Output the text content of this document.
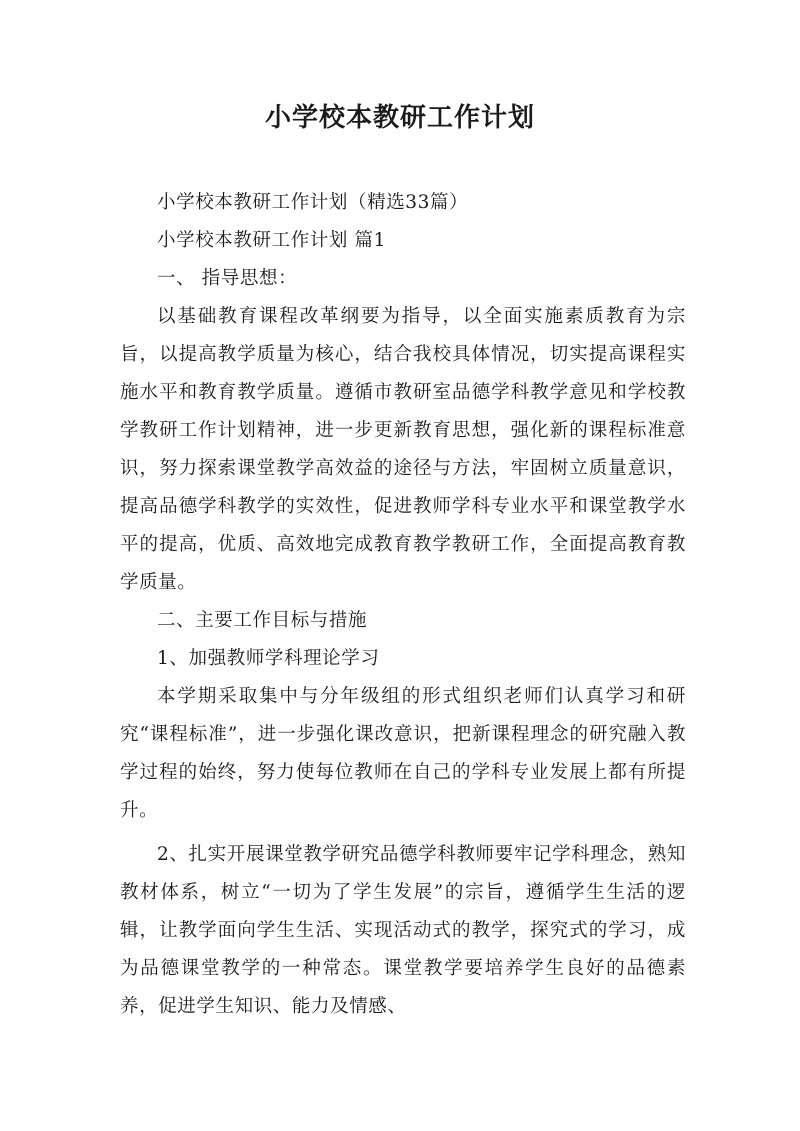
小学校本教研工作计划

小学校本教研工作计划（精选33篇）

小学校本教研工作计划 篇1

一、 指导思想：

以基础教育课程改革纲要为指导，以全面实施素质教育为宗旨，以提高教学质量为核心，结合我校具体情况，切实提高课程实施水平和教育教学质量。遵循市教研室品德学科教学意见和学校教学教研工作计划精神，进一步更新教育思想，强化新的课程标准意识，努力探索课堂教学高效益的途径与方法，牢固树立质量意识，提高品德学科教学的实效性，促进教师学科专业水平和课堂教学水平的提高，优质、高效地完成教育教学教研工作，全面提高教育教学质量。

二、主要工作目标与措施

1、加强教师学科理论学习

本学期采取集中与分年级组的形式组织老师们认真学习和研究“课程标准”，进一步强化课改意识，把新课程理念的研究融入教学过程的始终，努力使每位教师在自己的学科专业发展上都有所提升。

2、扎实开展课堂教学研究品德学科教师要牢记学科理念，熟知教材体系，树立“一切为了学生发展”的宗旨，遵循学生生活的逻辑，让教学面向学生生活、实现活动式的教学，探究式的学习，成为品德课堂教学的一种常态。课堂教学要培养学生良好的品德素养，促进学生知识、能力及情感、
